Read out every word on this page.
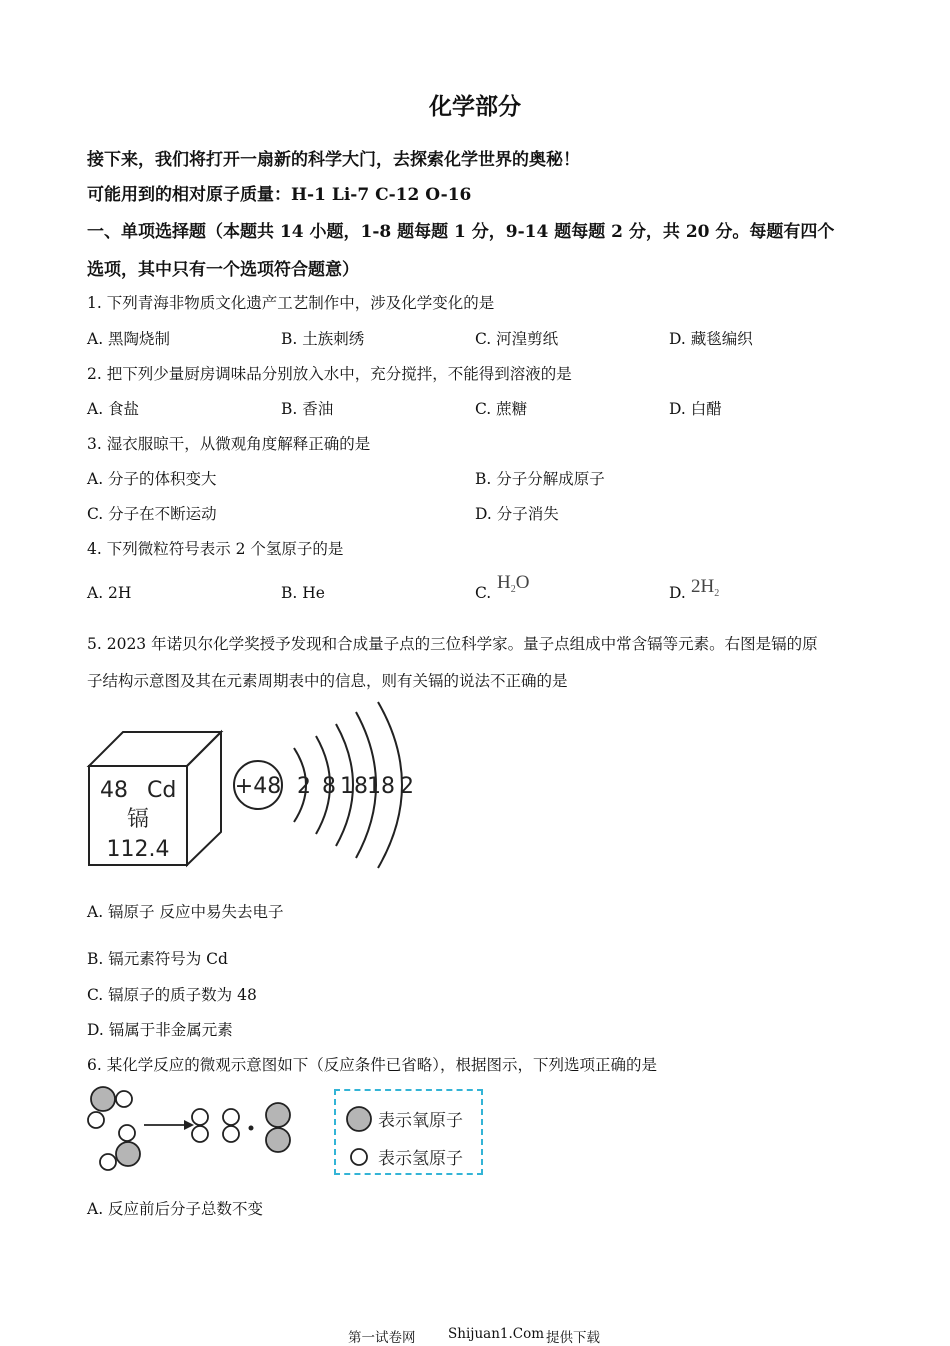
化学部分
接下来，我们将打开一扇新的科学大门，去探索化学世界的奥秘！
可能用到的相对原子质量：H-1 Li-7 C-12 O-16
一、单项选择题（本题共 14 小题，1-8 题每题 1 分，9-14 题每题 2 分，共 20 分。每题有四个
选项，其中只有一个选项符合题意）
1. 下列青海非物质文化遗产工艺制作中，涉及化学变化的是
A. 黑陶烧制	B. 土族刺绣	C. 河湟剪纸	D. 藏毯编织
2. 把下列少量厨房调味品分别放入水中，充分搅拌，不能得到溶液的是
A. 食盐	B. 香油	C. 蔗糖	D. 白醋
3. 湿衣服晾干，从微观角度解释正确的是
A. 分子的体积变大	B. 分子分解成原子
C. 分子在不断运动	D. 分子消失
4. 下列微粒符号表示 2 个氢原子的是
A. 2H	B. He	C. $H_2O$	D. $2H_2$
5. 2023 年诺贝尔化学奖授予发现和合成量子点的三位科学家。量子点组成中常含镉等元素。右图是镉的原
子结构示意图及其在元素周期表中的信息，则有关镉的说法不正确的是
48 Cd
镉
112.4
+48 2 8 18 18 2
A. 镉原子 反应中易失去电子
B. 镉元素符号为 Cd
C. 镉原子的质子数为 48
D. 镉属于非金属元素
6. 某化学反应的微观示意图如下（反应条件已省略），根据图示，下列选项正确的是
表示氧原子
表示氢原子
A. 反应前后分子总数不变
第一试卷网 Shijuan1.Com 提供下载
